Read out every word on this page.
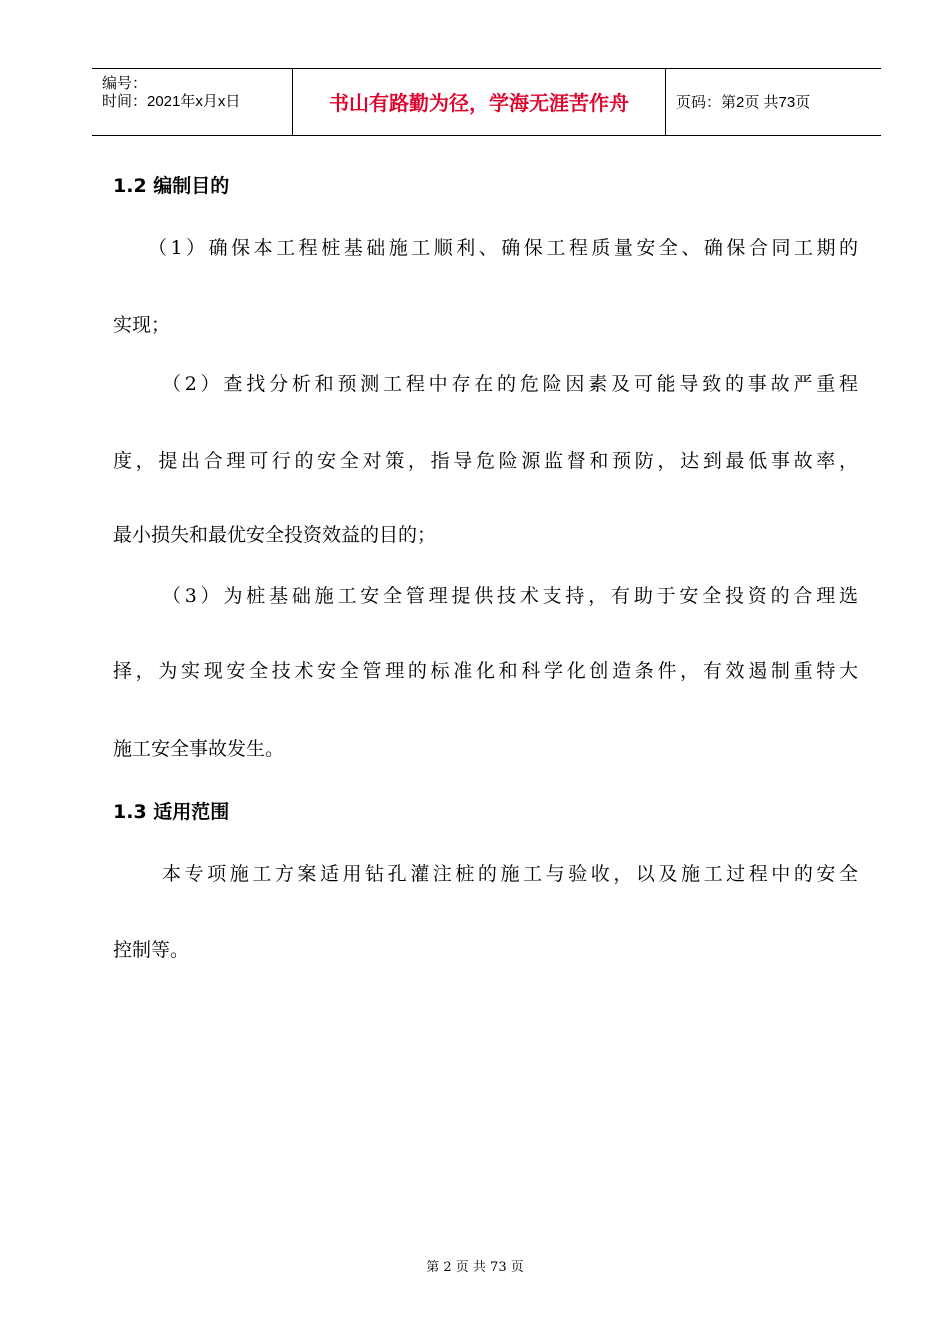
编号：
时间：2021年x月x日	书山有路勤为径，学海无涯苦作舟	页码：第2页 共73页
1.2 编制目的
（1）确保本工程桩基础施工顺利、确保工程质量安全、确保合同工期的
实现；
（2）查找分析和预测工程中存在的危险因素及可能导致的事故严重程
度，提出合理可行的安全对策，指导危险源监督和预防，达到最低事故率，
最小损失和最优安全投资效益的目的；
（3）为桩基础施工安全管理提供技术支持，有助于安全投资的合理选
择，为实现安全技术安全管理的标准化和科学化创造条件，有效遏制重特大
施工安全事故发生。
1.3 适用范围
本专项施工方案适用钻孔灌注桩的施工与验收，以及施工过程中的安全
控制等。
第 2 页 共 73 页
